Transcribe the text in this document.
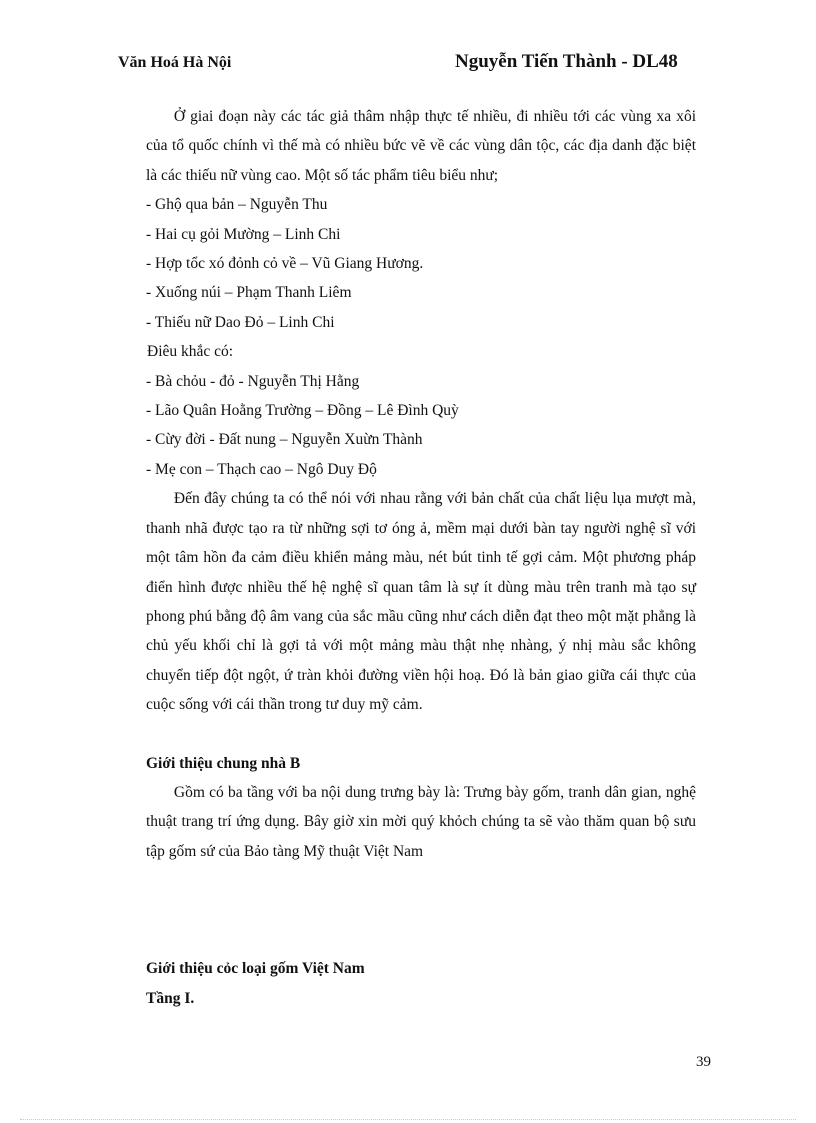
Văn Hoá Hà Nội	Nguyễn Tiến Thành - DL48

Ở giai đoạn này các tác giả thâm nhập thực tế nhiều, đi nhiều tới các vùng xa xôi của tổ quốc chính vì thế mà có nhiều bức vẽ về các vùng dân tộc, các địa danh đặc biệt là các thiếu nữ vùng cao. Một số tác phẩm tiêu biểu như;

- Ghộ qua bản – Nguyễn Thu
- Hai cụ gỏi Mường – Linh Chi
- Hợp tổc xó đỏnh cỏ về – Vũ Giang Hương.
- Xuống núi – Phạm Thanh Liêm
- Thiếu nữ Dao Đỏ – Linh Chi
Điêu khắc có:
- Bà chỏu - đỏ - Nguyễn Thị Hằng
- Lão Quân Hoằng Trường – Đồng – Lê Đình Quỳ
- Cừy đời - Đất nung – Nguyễn Xuừn Thành
- Mẹ con – Thạch cao – Ngô Duy Độ

Đến đây chúng ta có thể nói với nhau rằng với bản chất của chất liệu lụa mượt mà, thanh nhã được tạo ra từ những sợi tơ óng ả, mềm mại dưới bàn tay người nghệ sĩ với một tâm hồn đa cảm điều khiển mảng màu, nét bút tinh tế gợi cảm. Một phương pháp điển hình được nhiều thế hệ nghệ sĩ quan tâm là sự ít dùng màu trên tranh mà tạo sự phong phú bằng độ âm vang của sắc mầu cũng như cách diễn đạt theo một mặt phẳng là chủ yếu khối chỉ là gợi tả với một mảng màu thật nhẹ nhàng, ý nhị màu sắc không chuyển tiếp đột ngột, ứ tràn khỏi đường viền hội hoạ. Đó là bản giao giữa cái thực của cuộc sống với cái thần trong tư duy mỹ cảm.

Giới thiệu chung nhà B

Gồm có ba tầng với ba nội dung trưng bày là: Trưng bày gốm, tranh dân gian, nghệ thuật trang trí ứng dụng. Bây giờ xin mời quý khỏch chúng ta sẽ vào thăm quan bộ sưu tập gốm sứ của Bảo tàng Mỹ thuật Việt Nam

Giới thiệu cỏc loại gốm Việt Nam
Tầng I.
39
